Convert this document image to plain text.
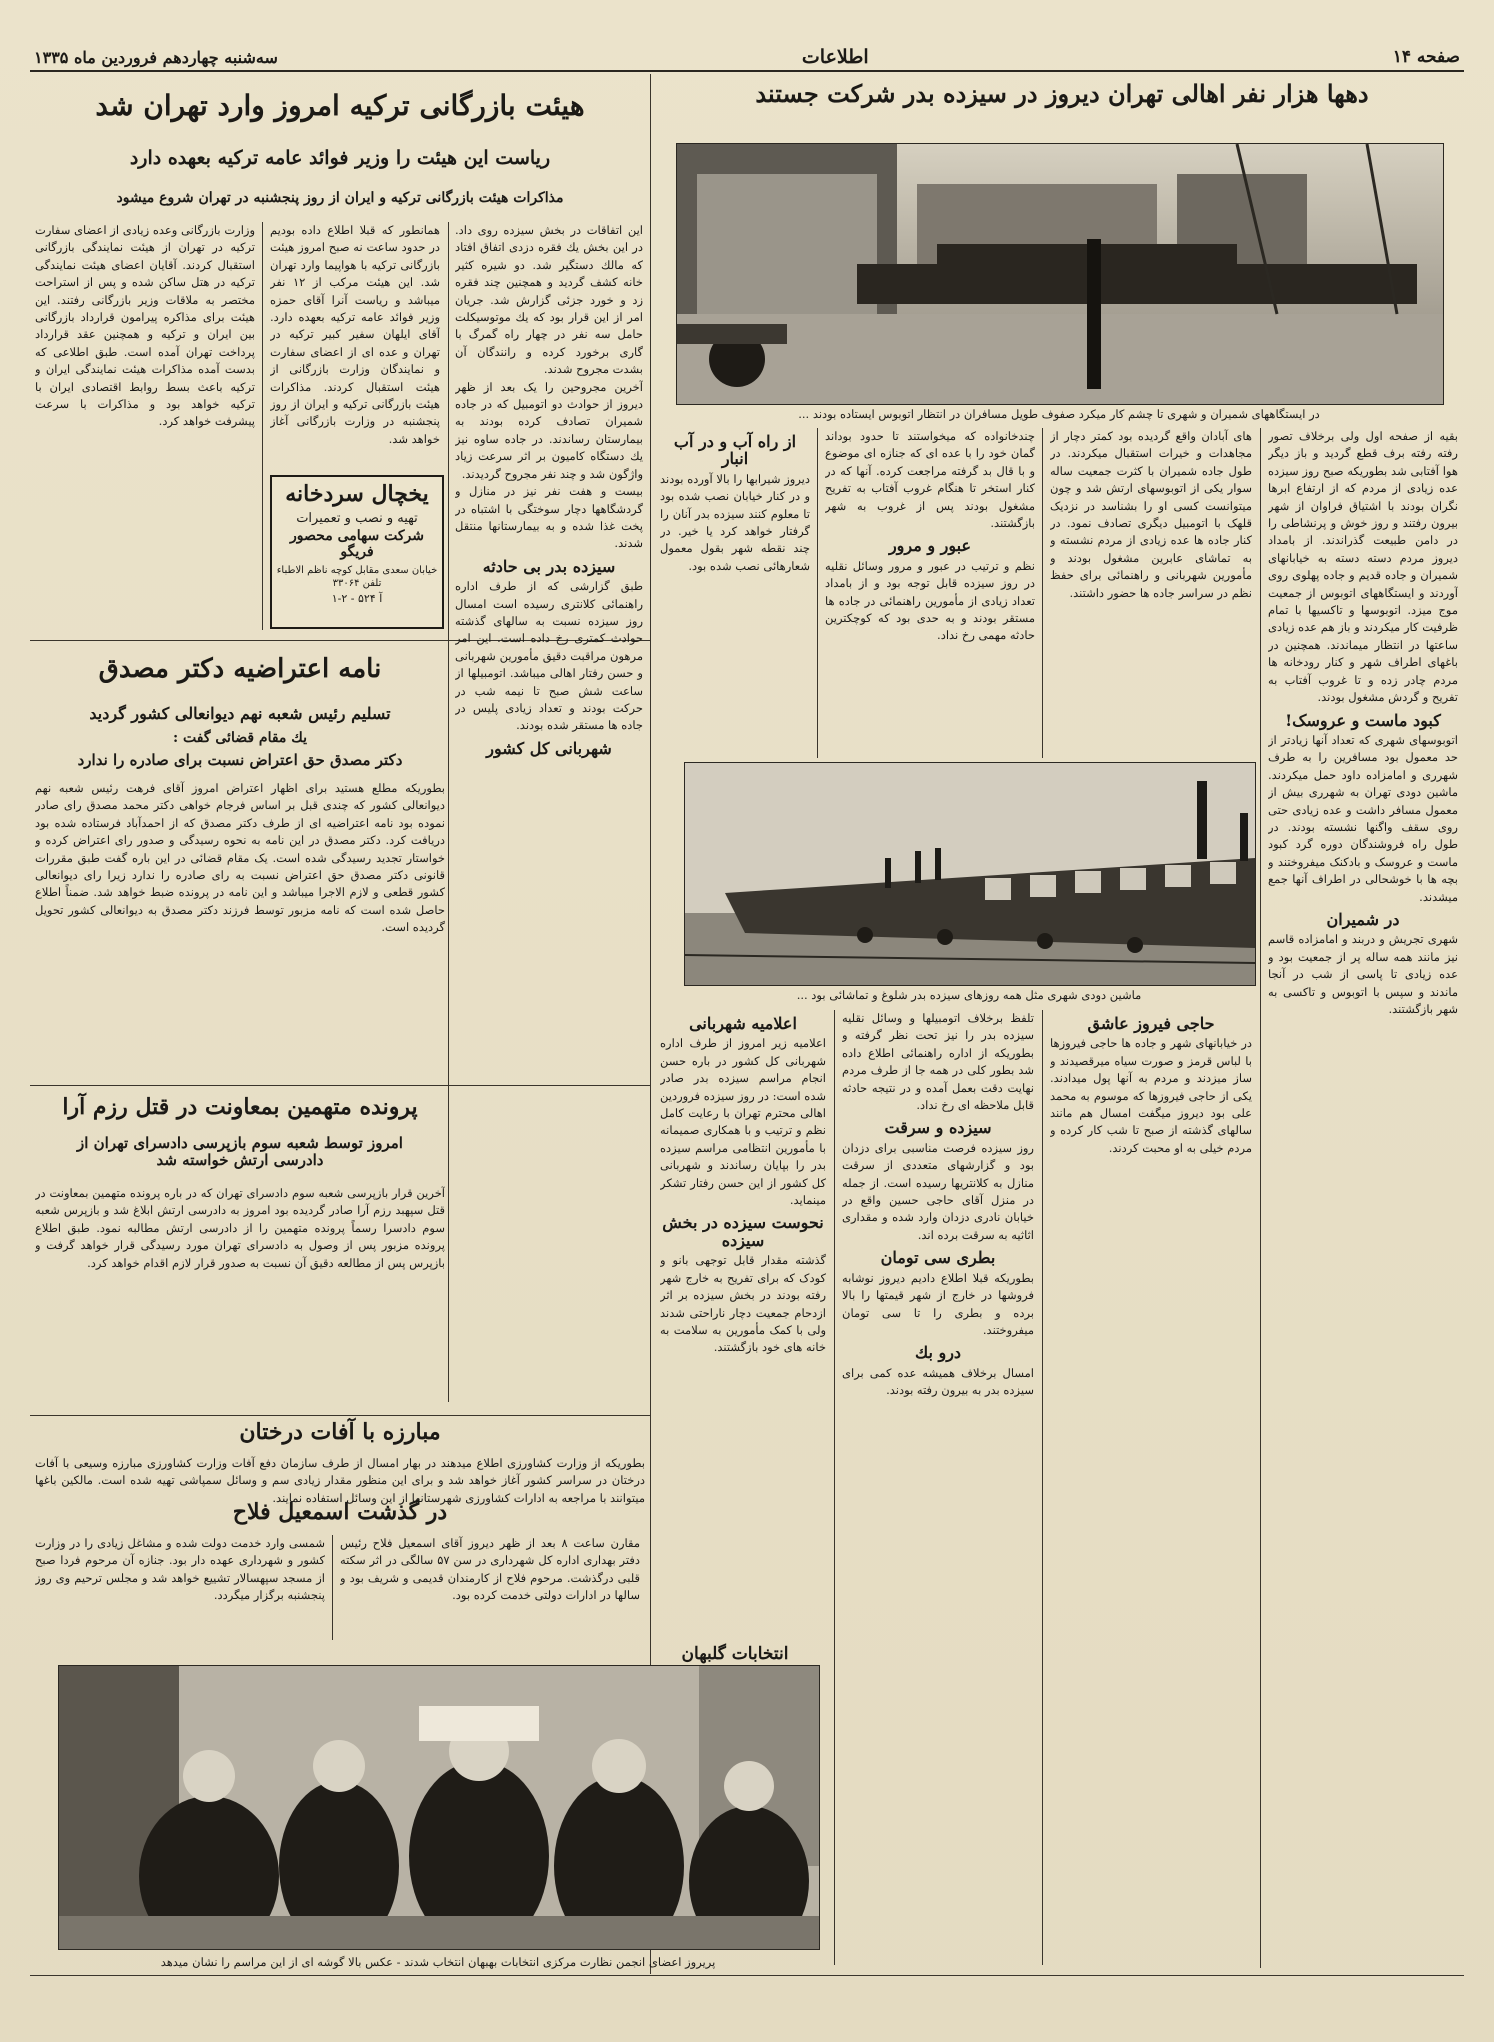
صفحه ۱۴
اطلاعات
سه‌شنبه چهاردهم فروردین ماه ۱۳۳۵
دهها هزار نفر اهالی تهران دیروز در سیزده بدر شرکت جستند
در ایستگاههای شمیران و شهری تا چشم کار میکرد صفوف طویل مسافران در انتظار اتوبوس ایستاده بودند ...
بقیه از صفحه اول ولی برخلاف تصور رفته رفته برف قطع گردید و باز دیگر هوا آفتابی شد بطوریکه صبح روز سیزده عده زیادی از مردم که از ارتفاع ابرها نگران بودند با اشتیاق فراوان از شهر بیرون رفتند و روز خوش و پرنشاطی را در دامن طبیعت گذراندند. از بامداد دیروز مردم دسته دسته به خیابانهای شمیران و جاده قدیم و جاده پهلوی روی آوردند و ایستگاههای اتوبوس از جمعیت موج میزد. اتوبوسها و تاکسیها با تمام ظرفیت کار میکردند و باز هم عده زیادی ساعتها در انتظار میماندند. همچنین در باغهای اطراف شهر و کنار رودخانه ها مردم چادر زده و تا غروب آفتاب به تفریح و گردش مشغول بودند.
کبود ماست و عروسک!
اتوبوسهای شهری که تعداد آنها زیادتر از حد معمول بود مسافرین را به طرف شهرری و امامزاده داود حمل میکردند. ماشین دودی تهران به شهرری بیش از معمول مسافر داشت و عده زیادی حتی روی سقف واگنها نشسته بودند. در طول راه فروشندگان دوره گرد کبود ماست و عروسک و بادکنک میفروختند و بچه ها با خوشحالی در اطراف آنها جمع میشدند.
در شمیران
شهری تجریش و دربند و امامزاده قاسم نیز مانند همه ساله پر از جمعیت بود و عده زیادی تا پاسی از شب در آنجا ماندند و سپس با اتوبوس و تاکسی به شهر بازگشتند.
های آبادان واقع گردیده بود کمتر دچار از مجاهدات و خیرات استقبال میکردند. در طول جاده شمیران با کثرت جمعیت ساله سوار یکی از اتوبوسهای ارتش شد و چون میتوانست کسی او را بشناسد در نزدیک قلهک با اتومبیل دیگری تصادف نمود. در کنار جاده ها عده زیادی از مردم نشسته و به تماشای عابرین مشغول بودند و مأمورین شهربانی و راهنمائی برای حفظ نظم در سراسر جاده ها حضور داشتند.
چندخانواده که میخواستند تا حدود بوداند گمان خود را با عده ای که جنازه ای موضوع و با قال بد گرفته مراجعت کرده. آنها که در کنار استخر تا هنگام غروب آفتاب به تفریح مشغول بودند پس از غروب به شهر بازگشتند.
عبور و مرور
نظم و ترتیب در عبور و مرور وسائل نقلیه در روز سیزده قابل توجه بود و از بامداد تعداد زیادی از مأمورین راهنمائی در جاده ها مستقر بودند و به حدی بود که کوچکترین حادثه مهمی رخ نداد.
از راه آب و در آب انبار
دیروز شیرابها را بالا آورده بودند و در کنار خیابان نصب شده بود تا معلوم کنند سیزده بدر آنان را گرفتار خواهد کرد یا خیر. در چند نقطه شهر بقول معمول شعارهائی نصب شده بود.
ماشین دودی شهری مثل همه روزهای سیزده بدر شلوغ و تماشائی بود ...
حاجی فیروز عاشق
در خیابانهای شهر و جاده ها حاجی فیروزها با لباس قرمز و صورت سیاه میرقصیدند و ساز میزدند و مردم به آنها پول میدادند. یکی از حاجی فیروزها که موسوم به محمد علی بود دیروز میگفت امسال هم مانند سالهای گذشته از صبح تا شب کار کرده و مردم خیلی به او محبت کردند.
تلفظ برخلاف اتومبیلها و وسائل نقلیه سیزده بدر را نیز تحت نظر گرفته و بطوریکه از اداره راهنمائی اطلاع داده شد بطور کلی در همه جا از طرف مردم نهایت دقت بعمل آمده و در نتیجه حادثه قابل ملاحظه ای رخ نداد.
سیزده و سرقت
روز سیزده فرصت مناسبی برای دزدان بود و گزارشهای متعددی از سرقت منازل به کلانتریها رسیده است. از جمله در منزل آقای حاجی حسین واقع در خیابان نادری دزدان وارد شده و مقداری اثاثیه به سرقت برده اند.
بطری سی تومان
بطوریکه قبلا اطلاع دادیم دیروز نوشابه فروشها در خارج از شهر قیمتها را بالا برده و بطری را تا سی تومان میفروختند.
درو بك
امسال برخلاف همیشه عده کمی برای سیزده بدر به بیرون رفته بودند.
اعلامیه شهربانی
اعلامیه زیر امروز از طرف اداره شهربانی کل کشور در باره حسن انجام مراسم سیزده بدر صادر شده است: در روز سیزده فروردین اهالی محترم تهران با رعایت کامل نظم و ترتیب و با همکاری صمیمانه با مأمورین انتظامی مراسم سیزده بدر را بپایان رساندند و شهربانی کل کشور از این حسن رفتار تشکر مینماید.
نحوست سیزده در بخش سیزده
گذشته مقدار قابل توجهی بانو و کودک که برای تفریح به خارج شهر رفته بودند در بخش سیزده بر اثر ازدحام جمعیت دچار ناراحتی شدند ولی با کمک مأمورین به سلامت به خانه های خود بازگشتند.
هیئت بازرگانی ترکیه امروز وارد تهران شد
ریاست این هیئت را وزیر فوائد عامه ترکیه بعهده دارد
مذاکرات هیئت بازرگانی ترکیه و ایران از روز پنجشنبه در تهران شروع میشود
همانطور که قبلا اطلاع داده بودیم در حدود ساعت نه صبح امروز هیئت بازرگانی ترکیه با هواپیما وارد تهران شد. این هیئت مرکب از ۱۲ نفر میباشد و ریاست آنرا آقای حمزه وزیر فوائد عامه ترکیه بعهده دارد. آقای ایلهان سفیر کبیر ترکیه در تهران و عده ای از اعضای سفارت و نمایندگان وزارت بازرگانی از هیئت استقبال کردند. مذاکرات هیئت بازرگانی ترکیه و ایران از روز پنجشنبه در وزارت بازرگانی آغاز خواهد شد.
وزارت بازرگانی وعده زیادی از اعضای سفارت ترکیه در تهران از هیئت نمایندگی بازرگانی استقبال کردند. آقایان اعضای هیئت نمایندگی ترکیه در هتل ساکن شده و پس از استراحت مختصر به ملاقات وزیر بازرگانی رفتند. این هیئت برای مذاکره پیرامون قرارداد بازرگانی بین ایران و ترکیه و همچنین عقد قرارداد پرداخت تهران آمده است. طبق اطلاعی که بدست آمده مذاکرات هیئت نمایندگی ایران و ترکیه باعث بسط روابط اقتصادی ایران با ترکیه خواهد بود و مذاکرات با سرعت پیشرفت خواهد کرد.
این اتفاقات در بخش سیزده روی داد. در این بخش یك فقره دزدی اتفاق افتاد که مالك دستگير شد. دو شیره كثیر خانه کشف گردید و همچنین چند فقره زد و خورد جزئی گزارش شد. جریان امر از این قرار بود که یك موتوسیکلت حامل سه نفر در چهار راه گمرگ با گاری برخورد کرده و رانندگان آن بشدت مجروح شدند.
آخرین مجروحین را یک بعد از ظهر دیروز از حوادث دو اتومبیل که در جاده شمیران تصادف کرده بودند به بیمارستان رساندند. در جاده ساوه نیز یك دستگاه کامیون بر اثر سرعت زیاد واژگون شد و چند نفر مجروح گردیدند.
بیست و هفت نفر نیز در منازل و گردشگاهها دچار سوختگی با اشتباه در پخت غذا شده و به بیمارستانها منتقل شدند.
سیزده بدر بی حادثه
طبق گزارشی که از طرف اداره راهنمائی کلانتری رسیده است امسال روز سیزده نسبت به سالهای گذشته حوادث کمتری رخ داده است. این امر مرهون مراقبت دقیق مأمورین شهربانی و حسن رفتار اهالی میباشد. اتومبیلها از ساعت شش صبح تا نیمه شب در حرکت بودند و تعداد زیادی پلیس در جاده ها مستقر شده بودند.
شهربانی کل کشور
یخچال سردخانه
تهیه و نصب و تعمیرات
شرکت سهامی محصور فریگو
خیابان سعدی مقابل کوچه ناظم الاطباء تلفن ۳۳۰۶۴
آ ۵۲۴ - ۲-۱
نامه اعتراضیه دکتر مصدق
تسلیم رئیس شعبه نهم دیوانعالی کشور گردید
یك مقام قضائی گفت :
دکتر مصدق حق اعتراض نسبت برای صادره را ندارد
بطوریکه مطلع هستید برای اظهار اعتراض امروز آقای فرهت رئیس شعبه نهم دیوانعالی کشور که چندی قبل بر اساس فرجام خواهی دکتر محمد مصدق رای صادر نموده بود نامه اعتراضیه ای از طرف دکتر مصدق که از احمدآباد فرستاده شده بود دریافت کرد. دکتر مصدق در این نامه به نحوه رسیدگی و صدور رای اعتراض کرده و خواستار تجدید رسیدگی شده است. یک مقام قضائی در این باره گفت طبق مقررات قانونی دکتر مصدق حق اعتراض نسبت به رای صادره را ندارد زیرا رای دیوانعالی کشور قطعی و لازم الاجرا میباشد و این نامه در پرونده ضبط خواهد شد. ضمناً اطلاع حاصل شده است که نامه مزبور توسط فرزند دکتر مصدق به دیوانعالی کشور تحویل گردیده است.
پرونده متهمین بمعاونت در قتل رزم آرا
امروز توسط شعبه سوم بازپرسی دادسرای تهران از دادرسی ارتش خواسته شد
آخرین قرار بازپرسی شعبه سوم دادسرای تهران که در باره پرونده متهمین بمعاونت در قتل سپهبد رزم آرا صادر گردیده بود امروز به دادرسی ارتش ابلاغ شد و بازپرس شعبه سوم دادسرا رسماً پرونده متهمین را از دادرسی ارتش مطالبه نمود. طبق اطلاع پرونده مزبور پس از وصول به دادسرای تهران مورد رسیدگی قرار خواهد گرفت و بازپرس پس از مطالعه دقیق آن نسبت به صدور قرار لازم اقدام خواهد کرد.
مبارزه با آفات درختان
بطوریکه از وزارت کشاورزی اطلاع میدهند در بهار امسال از طرف سازمان دفع آفات وزارت کشاورزی مبارزه وسیعی با آفات درختان در سراسر کشور آغاز خواهد شد و برای این منظور مقدار زیادی سم و وسائل سمپاشی تهیه شده است. مالکین باغها میتوانند با مراجعه به ادارات کشاورزی شهرستانها از این وسائل استفاده نمایند.
در گذشت اسمعیل فلاح
مقارن ساعت ۸ بعد از ظهر دیروز آقای اسمعیل فلاح رئیس دفتر بهداری اداره کل شهرداری در سن ۵۷ سالگی در اثر سکته قلبی درگذشت. مرحوم فلاح از کارمندان قدیمی و شریف بود و سالها در ادارات دولتی خدمت کرده بود.
شمسی وارد خدمت دولت شده و مشاغل زیادی را در وزارت کشور و شهرداری عهده دار بود. جنازه آن مرحوم فردا صبح از مسجد سپهسالار تشییع خواهد شد و مجلس ترحیم وی روز پنجشنبه برگزار میگردد.
انتخابات گلبهان
پریروز اعضای انجمن نظارت مرکزی انتخابات بهبهان انتخاب شدند - عکس بالا گوشه ای از این مراسم را نشان میدهد
